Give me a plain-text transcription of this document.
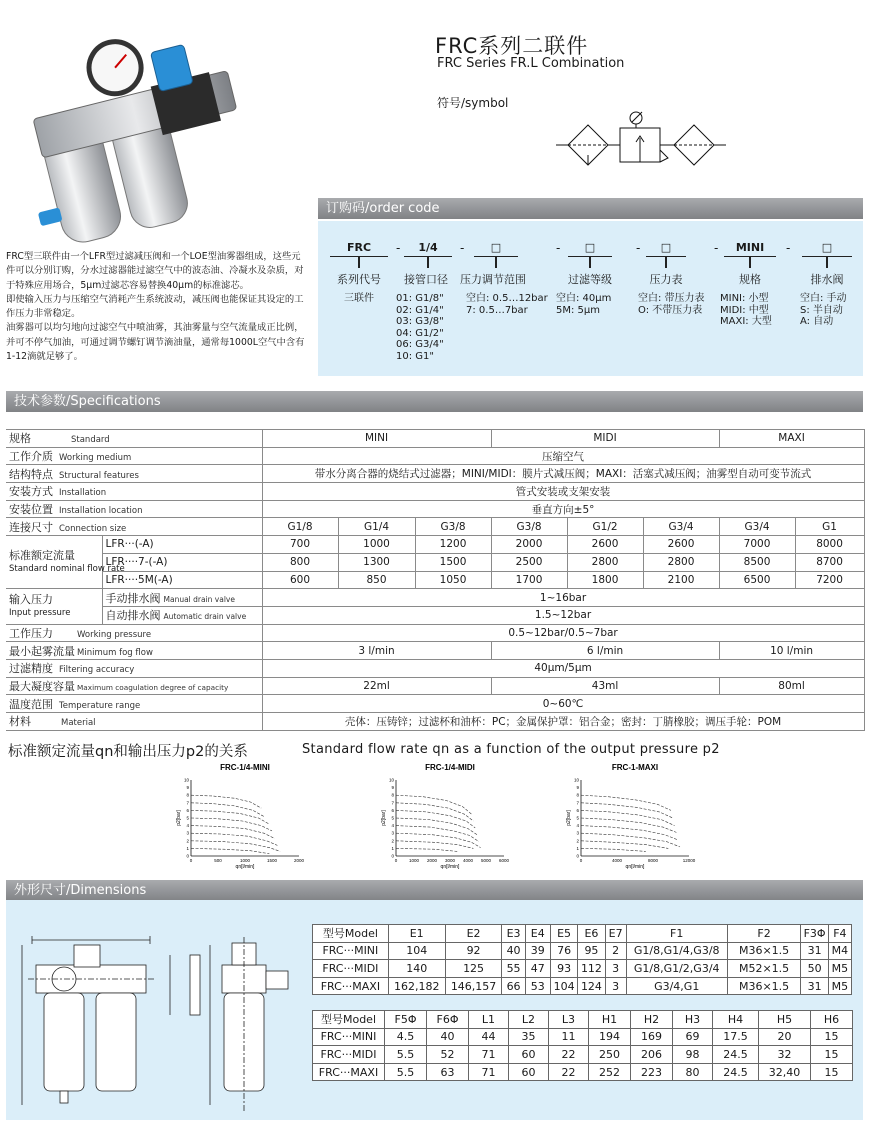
FRC系列二联件
FRC Series FR.L Combination
符号/symbol
订购码/order code

FRC型三联件由一个LFR型过滤减压阀和一个LOE型油雾器组成，这些元件可以分别订购，分水过滤器能过滤空气中的波态油、冷凝水及杂质，对于特殊应用场合，5μm过滤芯容易替换40μm的标准滤芯。

即使输入压力与压缩空气消耗产生系统波动，减压阀也能保证其设定的工作压力非常稳定。

油雾器可以均匀地向过滤空气中喷油雾，其油雾量与空气流量成正比例，并可不停气加油，可通过调节螺钉调节滴油量，通常每1000L空气中含有1-12滴就足够了。

FRC
系列代号
三联件
-	1/4
接管口径
01: G1/8"
02: G1/4"
03: G3/8"
04: G1/2"
06: G3/4"
10: G1"
-	□
压力调节范围
空白: 0.5…12bar
7: 0.5…7bar
-	□
过滤等级
空白: 40μm
5M: 5μm
-	□
压力表
空白: 带压力表
O: 不带压力表
-	MINI
规格
MINI: 小型
MIDI: 中型
MAXI: 大型
-	□
排水阀
空白: 手动
S: 半自动
A: 自动
技术参数/Specifications
规格 Standard		MINI			MIDI			MAXI	
工作介质 Working medium		压缩空气							
结构特点 Structural features		带水分离合器的烧结式过滤器；MINI/MIDI：膜片式减压阀；MAXI：活塞式减压阀；油雾型自动可变节流式							
安装方式 Installation		管式安装或支架安装							
安装位置 Installation location		垂直方向±5°							
连接尺寸 Connection size		G1/8	G1/4	G3/8	G3/8	G1/2	G3/4	G3/4	G1
标准额定流量
Standard nominal flow rate	LFR···(-A)	700	1000	1200	2000	2600	2600	7000	8000
	LFR····7-(-A)	800	1300	1500	2500	2800	2800	8500	8700
	LFR····5M(-A)	600	850	1050	1700	1800	2100	6500	7200
输入压力
Input pressure	手动排水阀 Manual drain valve	1~16bar							
	自动排水阀 Automatic drain valve	1.5~12bar							
工作压力 Working pressure		0.5~12bar/0.5~7bar							
最小起雾流量 Minimum fog flow		3 l/min			6 l/min			10 l/min	
过滤精度 Filtering accuracy		40μm/5μm							
最大凝度容量 Maximum coagulation degree of capacity		22ml			43ml			80ml	
温度范围 Temperature range		0~60℃							
材料 Material		壳体：压铸锌；过滤杯和油杯：PC；金属保护罩：铝合金；密封：丁腈橡胶；调压手轮：POM							
标准额定流量qn和输出压力p2的关系	Standard flow rate qn as a function of the output pressure p2
FRC-1/4-MINI
0
1
2
3
4
5
6
7
8
9
10
0	500	1000	1500	2000
qn[l/min]
p2[bar]
FRC-1/4-MIDI
0
1
2
3
4
5
6
7
8
9
10
0	1000 2000 3000 4000 5000 6000
qn[l/min]
p2[bar]
FRC-1-MAXI
0
1
2
3
4
5
6
7
8
9
10
0	4000	8000	12000
qn[l/min]
p2[bar]
外形尺寸/Dimensions
型号Model	E1	E2	E3	E4	E5	E6	E7	F1	F2	F3Φ	F4
FRC···MINI	104	92	40	39	76	95	2	G1/8,G1/4,G3/8	M36×1.5	31	M4
FRC···MIDI	140	125	55	47	93	112	3	G1/8,G1/2,G3/4	M52×1.5	50	M5
FRC···MAXI	162,182	146,157	66	53	104	124	3	G3/4,G1	M36×1.5	31	M5
型号Model	F5Φ	F6Φ	L1	L2	L3	H1	H2	H3	H4	H5	H6
FRC···MINI	4.5	40	44	35	11	194	169	69	17.5	20	15
FRC···MIDI	5.5	52	71	60	22	250	206	98	24.5	32	15
FRC···MAXI	5.5	63	71	60	22	252	223	80	24.5	32,40	15
